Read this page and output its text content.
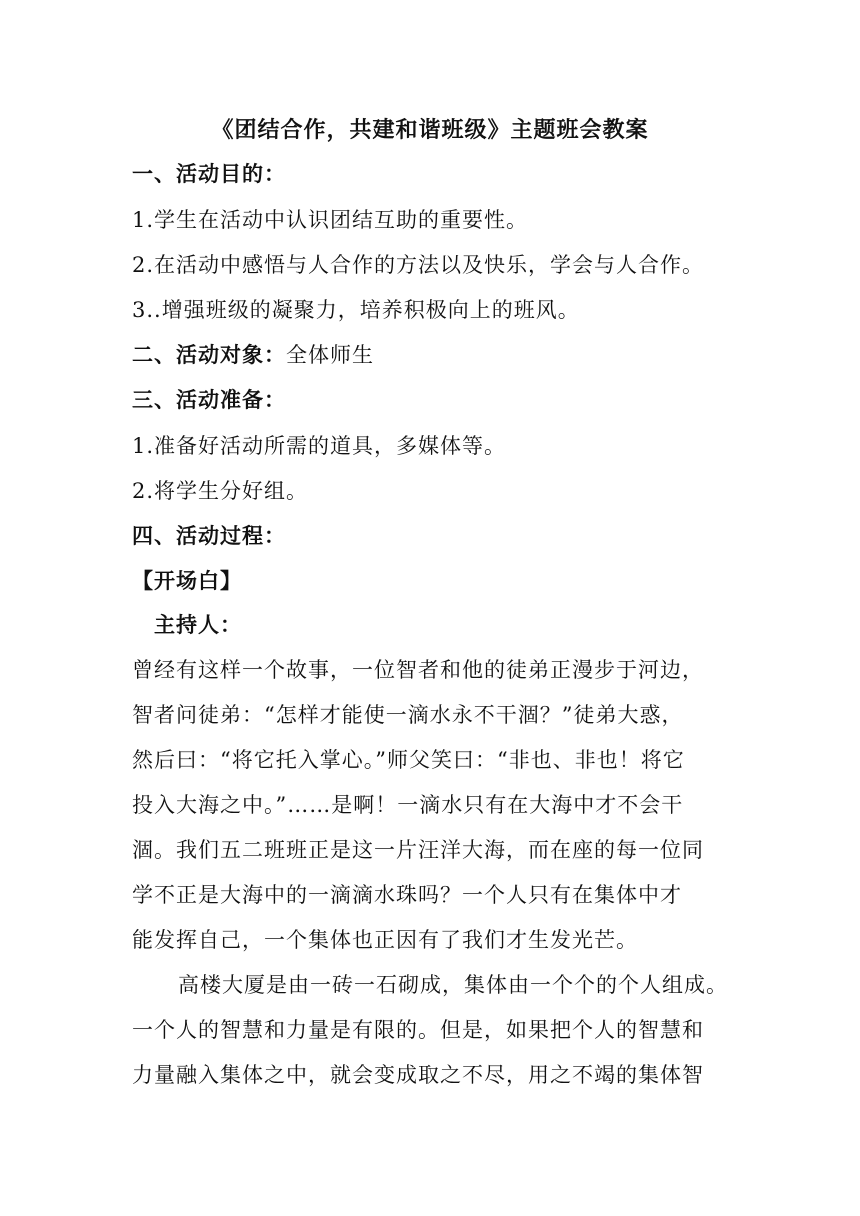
《团结合作，共建和谐班级》主题班会教案
一、活动目的：
1.学生在活动中认识团结互助的重要性。
2.在活动中感悟与人合作的方法以及快乐，学会与人合作。
3..增强班级的凝聚力，培养积极向上的班风。
二、活动对象：全体师生
三、活动准备：
1.准备好活动所需的道具，多媒体等。
2.将学生分好组。
四、活动过程：
【开场白】
主持人：
曾经有这样一个故事，一位智者和他的徒弟正漫步于河边，
智者问徒弟：“怎样才能使一滴水永不干涸？”徒弟大惑，
然后曰：“将它托入掌心。”师父笑曰：“非也、非也！将它
投入大海之中。”……是啊！一滴水只有在大海中才不会干
涸。我们五二班班正是这一片汪洋大海，而在座的每一位同
学不正是大海中的一滴滴水珠吗？一个人只有在集体中才
能发挥自己，一个集体也正因有了我们才生发光芒。
高楼大厦是由一砖一石砌成，集体由一个个的个人组成。
一个人的智慧和力量是有限的。但是，如果把个人的智慧和
力量融入集体之中，就会变成取之不尽，用之不竭的集体智
